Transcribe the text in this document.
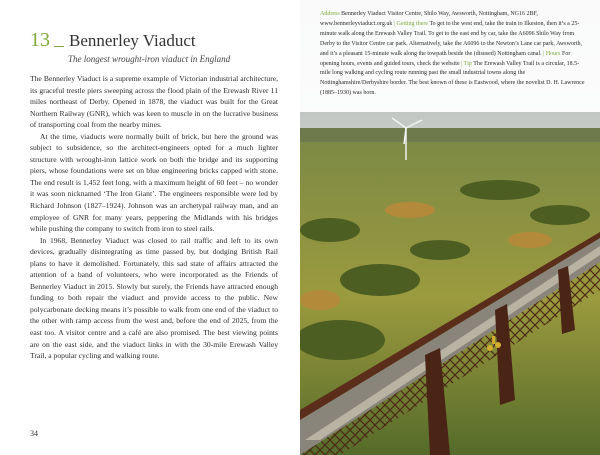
13 Bennerley Viaduct
The longest wrought-iron viaduct in England

The Bennerley Viaduct is a supreme example of Victorian industrial architecture, its graceful trestle piers sweeping across the flood plain of the Erewash River 11 miles northeast of Derby. Opened in 1878, the viaduct was built for the Great Northern Railway (GNR), which was keen to muscle in on the lucrative business of transporting coal from the nearby mines.

At the time, viaducts were normally built of brick, but here the ground was subject to subsidence, so the architect-engineers opted for a much lighter structure with wrought-iron lattice work on both the bridge and its supporting piers, whose foundations were set on blue engineering bricks capped with stone. The end result is 1,452 feet long, with a maximum height of 60 feet – no wonder it was soon nicknamed ‘The Iron Giant’. The engineers responsible were led by Richard Johnson (1827–1924). Johnson was an archetypal railway man, and an employee of GNR for many years, peppering the Midlands with his bridges while pushing the company to switch from iron to steel rails.

In 1968, Bennerley Viaduct was closed to rail traffic and left to its own devices, gradually disintegrating as time passed by, but dodging British Rail plans to have it demolished. Fortunately, this sad state of affairs attracted the attention of a band of volunteers, who were incorporated as the Friends of Bennerley Viaduct in 2015. Slowly but surely, the Friends have attracted enough funding to both repair the viaduct and provide access to the public. New polycarbonate decking means it’s possible to walk from one end of the viaduct to the other with ramp access from the west and, before the end of 2025, from the east too. A visitor centre and a café are also promised. The best viewing points are on the east side, and the viaduct links in with the 30-mile Erewash Valley Trail, a popular cycling and walking route.

34
Address Bennerley Viaduct Visitor Centre, Shilo Way, Awsworth, Nottingham, NG16 2BF, www.bennerleyviaduct.org.uk | Getting there To get to the west end, take the train to Ilkeston, then it’s a 25-minute walk along the Erewash Valley Trail. To get to the east end by car, take the A6096 Shilo Way from Derby to the Visitor Centre car park. Alternatively, take the A6096 to the Newton’s Lane car park, Awsworth, and it’s a pleasant 15-minute walk along the towpath beside the (disused) Nottingham canal. | Hours For opening hours, events and guided tours, check the website | Tip The Erewash Valley Trail is a circular, 18.5-mile long walking and cycling route running past the small industrial towns along the Nottinghamshire/Derbyshire border. The best known of these is Eastwood, where the novelist D. H. Lawrence (1885–1930) was born.
